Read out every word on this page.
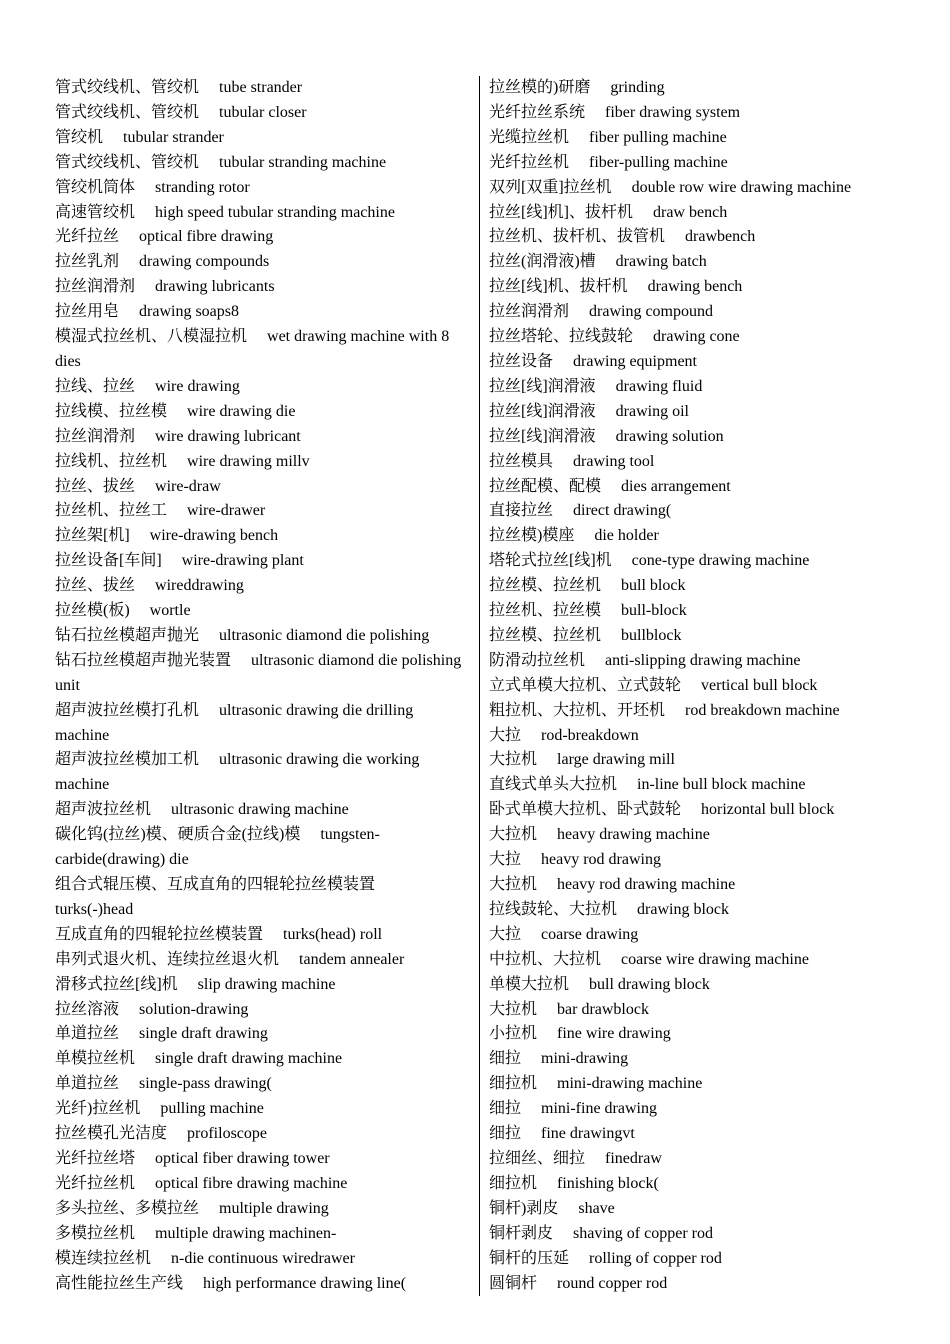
管式绞线机、管绞机  tube strander

管式绞线机、管绞机  tubular closer

管绞机  tubular strander

管式绞线机、管绞机  tubular stranding machine

管绞机筒体  stranding rotor

高速管绞机  high speed tubular stranding machine

光纤拉丝  optical fibre drawing

拉丝乳剂  drawing compounds

拉丝润滑剂  drawing lubricants

拉丝用皂  drawing soaps8

模湿式拉丝机、八模湿拉机  wet drawing machine with 8 dies

拉线、拉丝  wire drawing

拉线模、拉丝模  wire drawing die

拉丝润滑剂  wire drawing lubricant

拉线机、拉丝机  wire drawing millv

拉丝、拔丝  wire-draw

拉丝机、拉丝工  wire-drawer

拉丝架[机]  wire-drawing bench

拉丝设备[车间]  wire-drawing plant

拉丝、拔丝  wireddrawing

拉丝模(板)  wortle

钻石拉丝模超声抛光  ultrasonic diamond die polishing

钻石拉丝模超声抛光装置  ultrasonic diamond die polishing unit

超声波拉丝模打孔机  ultrasonic drawing die drilling machine

超声波拉丝模加工机  ultrasonic drawing die working machine

超声波拉丝机  ultrasonic drawing machine

碳化钨(拉丝)模、硬质合金(拉线)模  tungsten-carbide(drawing) die

组合式辊压模、互成直角的四辊轮拉丝模装置  turks(-)head

互成直角的四辊轮拉丝模装置  turks(head) roll

串列式退火机、连续拉丝退火机  tandem annealer

滑移式拉丝[线]机  slip drawing machine

拉丝溶液  solution-drawing

单道拉丝  single draft drawing

单模拉丝机  single draft drawing machine

单道拉丝  single-pass drawing(

光纤)拉丝机  pulling machine

拉丝模孔光洁度  profiloscope

光纤拉丝塔  optical fiber drawing tower

光纤拉丝机  optical fibre drawing machine

多头拉丝、多模拉丝  multiple drawing

多模拉丝机  multiple drawing machinen-

模连续拉丝机  n-die continuous wiredrawer

高性能拉丝生产线  high performance drawing line(

拉丝模的)研磨  grinding

光纤拉丝系统  fiber drawing system

光缆拉丝机  fiber pulling machine

光纤拉丝机  fiber-pulling machine

双列[双重]拉丝机  double row wire drawing machine

拉丝[线]机]、拔杆机  draw bench

拉丝机、拔杆机、拔管机  drawbench

拉丝(润滑液)槽  drawing batch

拉丝[线]机、拔杆机  drawing bench

拉丝润滑剂  drawing compound

拉丝塔轮、拉线鼓轮  drawing cone

拉丝设备  drawing equipment

拉丝[线]润滑液  drawing fluid

拉丝[线]润滑液  drawing oil

拉丝[线]润滑液  drawing solution

拉丝模具  drawing tool

拉丝配模、配模  dies arrangement

直接拉丝  direct drawing(

拉丝模)模座  die holder

塔轮式拉丝[线]机  cone-type drawing machine

拉丝模、拉丝机  bull block

拉丝机、拉丝模  bull-block

拉丝模、拉丝机  bullblock

防滑动拉丝机  anti-slipping drawing machine

立式单模大拉机、立式鼓轮  vertical bull block

粗拉机、大拉机、开坯机  rod breakdown machine

大拉  rod-breakdown

大拉机  large drawing mill

直线式单头大拉机  in-line bull block machine

卧式单模大拉机、卧式鼓轮  horizontal bull block

大拉机  heavy drawing machine

大拉  heavy rod drawing

大拉机  heavy rod drawing machine

拉线鼓轮、大拉机  drawing block

大拉  coarse drawing

中拉机、大拉机  coarse wire drawing machine

单模大拉机  bull drawing block

大拉机  bar drawblock

小拉机  fine wire drawing

细拉  mini-drawing

细拉机  mini-drawing machine

细拉  mini-fine drawing

细拉  fine drawingvt

拉细丝、细拉  finedraw

细拉机  finishing block(

铜杆)剥皮  shave

铜杆剥皮  shaving of copper rod

铜杆的压延  rolling of copper rod

圆铜杆  round copper rod
